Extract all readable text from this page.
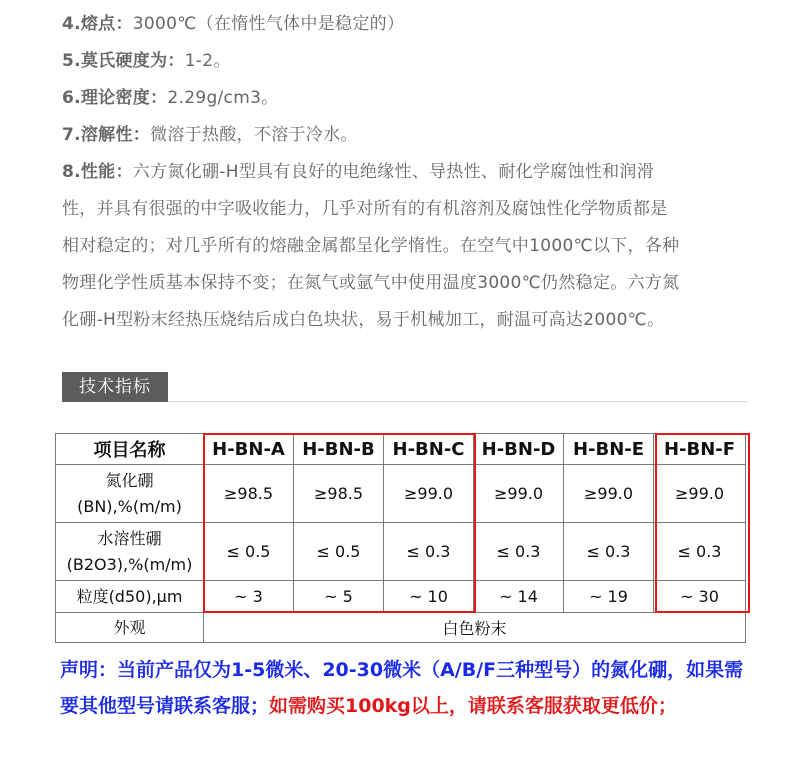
4.熔点：3000℃（在惰性气体中是稳定的）
5.莫氏硬度为：1-2。
6.理论密度：2.29g/cm3。
7.溶解性：微溶于热酸，不溶于冷水。

8.性能：六方氮化硼-H型具有良好的电绝缘性、导热性、耐化学腐蚀性和润滑

性，并具有很强的中字吸收能力，几乎对所有的有机溶剂及腐蚀性化学物质都是

相对稳定的；对几乎所有的熔融金属都呈化学惰性。在空气中1000℃以下，各种

物理化学性质基本保持不变；在氮气或氩气中使用温度3000℃仍然稳定。六方氮

化硼-H型粉末经热压烧结后成白色块状，易于机械加工，耐温可高达2000℃。

技术指标
项目名称	H-BN-A	H-BN-B	H-BN-C	H-BN-D	H-BN-E	H-BN-F

氮化硼
(BN),%(m/m)	≥98.5	≥98.5	≥99.0	≥99.0	≥99.0	≥99.0

水溶性硼
(B2O3),%(m/m)	≤ 0.5	≤ 0.5	≤ 0.3	≤ 0.3	≤ 0.3	≤ 0.3
粒度(d50),μm	~ 3	~ 5	~ 10	~ 14	~ 19	~ 30
外观	白色粉末					
声明：当前产品仅为1-5微米、20-30微米（A/B/F三种型号）的氮化硼，如果需要其他型号请联系客服；如需购买100kg以上，请联系客服获取更低价；
